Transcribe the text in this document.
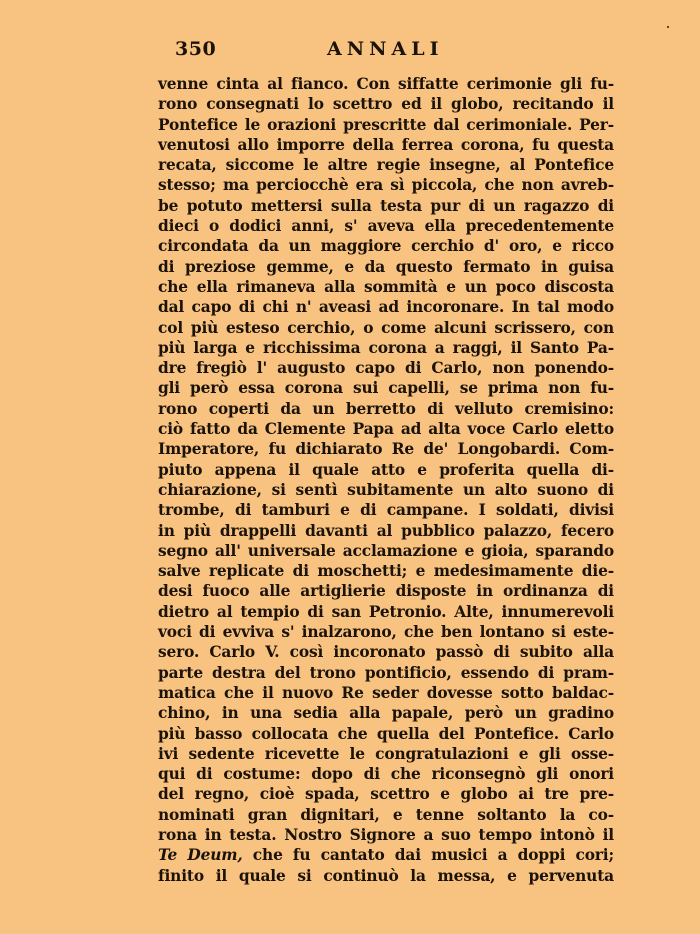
350	ANNALI
venne cinta al fianco. Con siffatte cerimonie gli fu-
rono consegnati lo scettro ed il globo, recitando il
Pontefice le orazioni prescritte dal cerimoniale. Per-
venutosi allo imporre della ferrea corona, fu questa
recata, siccome le altre regie insegne, al Pontefice
stesso; ma perciocchè era sì piccola, che non avreb-
be potuto mettersi sulla testa pur di un ragazzo di
dieci o dodici anni, s' aveva ella precedentemente
circondata da un maggiore cerchio d' oro, e ricco
di preziose gemme, e da questo fermato in guisa
che ella rimaneva alla sommità e un poco discosta
dal capo di chi n' aveasi ad incoronare. In tal modo
col più esteso cerchio, o come alcuni scrissero, con
più larga e ricchissima corona a raggi, il Santo Pa-
dre fregiò l' augusto capo di Carlo, non ponendo-
gli però essa corona sui capelli, se prima non fu-
rono coperti da un berretto di velluto cremisino:
ciò fatto da Clemente Papa ad alta voce Carlo eletto
Imperatore, fu dichiarato Re de' Longobardi. Com-
piuto appena il quale atto e proferita quella di-
chiarazione, si sentì subitamente un alto suono di
trombe, di tamburi e di campane. I soldati, divisi
in più drappelli davanti al pubblico palazzo, fecero
segno all' universale acclamazione e gioia, sparando
salve replicate di moschetti; e medesimamente die-
desi fuoco alle artiglierie disposte in ordinanza di
dietro al tempio di san Petronio. Alte, innumerevoli
voci di evviva s' inalzarono, che ben lontano si este-
sero. Carlo V. così incoronato passò di subito alla
parte destra del trono pontificio, essendo di pram-
matica che il nuovo Re seder dovesse sotto baldac-
chino, in una sedia alla papale, però un gradino
più basso collocata che quella del Pontefice. Carlo
ivi sedente ricevette le congratulazioni e gli osse-
qui di costume: dopo di che riconsegnò gli onori
del regno, cioè spada, scettro e globo ai tre pre-
nominati gran dignitari, e tenne soltanto la co-
rona in testa. Nostro Signore a suo tempo intonò il
Te Deum, che fu cantato dai musici a doppi cori;
finito il quale si continuò la messa, e pervenuta
